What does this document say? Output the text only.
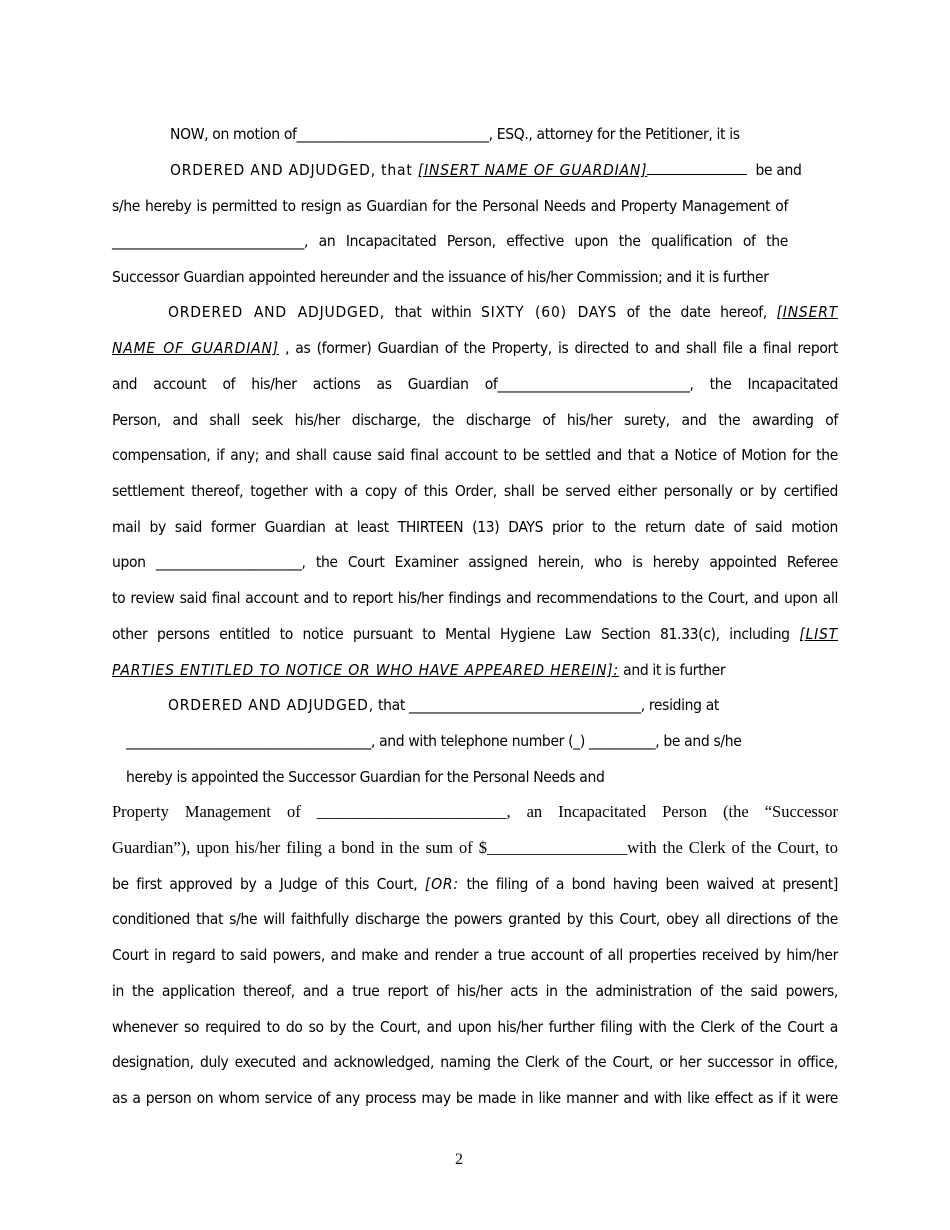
NOW, on motion of_____________________________, ESQ., attorney for the Petitioner, it is
ORDERED AND ADJUDGED, that [INSERT NAME OF GUARDIAN]	be and
s/he hereby is permitted to resign as Guardian for the Personal Needs and Property Management of
_____________________________, an Incapacitated Person, effective upon the qualification of the
Successor Guardian appointed hereunder and the issuance of his/her Commission; and it is further
ORDERED AND ADJUDGED, that within SIXTY (60) DAYS of the date hereof, [INSERT
NAME OF GUARDIAN] , as (former) Guardian of the Property, is directed to and shall file a final report
and account of his/her actions as Guardian of_____________________________, the Incapacitated
Person, and shall seek his/her discharge, the discharge of his/her surety, and the awarding of
compensation, if any; and shall cause said final account to be settled and that a Notice of Motion for the
settlement thereof, together with a copy of this Order, shall be served either personally or by certified
mail by said former Guardian at least THIRTEEN (13) DAYS prior to the return date of said motion
upon ______________________, the Court Examiner assigned herein, who is hereby appointed Referee
to review said final account and to report his/her findings and recommendations to the Court, and upon all
other persons entitled to notice pursuant to Mental Hygiene Law Section 81.33(c), including [LIST
PARTIES ENTITLED TO NOTICE OR WHO HAVE APPEARED HEREIN]: and it is further
ORDERED AND ADJUDGED, that ___________________________________, residing at
_____________________________________, and with telephone number (_) __________, be and s/he
hereby is appointed the Successor Guardian for the Personal Needs and
Property Management of _______________________, an Incapacitated Person (the “Successor
Guardian”), upon his/her filing a bond in the sum of $_________________with the Clerk of the Court, to
be first approved by a Judge of this Court, [OR: the filing of a bond having been waived at present]
conditioned that s/he will faithfully discharge the powers granted by this Court, obey all directions of the
Court in regard to said powers, and make and render a true account of all properties received by him/her
in the application thereof, and a true report of his/her acts in the administration of the said powers,
whenever so required to do so by the Court, and upon his/her further filing with the Clerk of the Court a
designation, duly executed and acknowledged, naming the Clerk of the Court, or her successor in office,
as a person on whom service of any process may be made in like manner and with like effect as if it were
2
